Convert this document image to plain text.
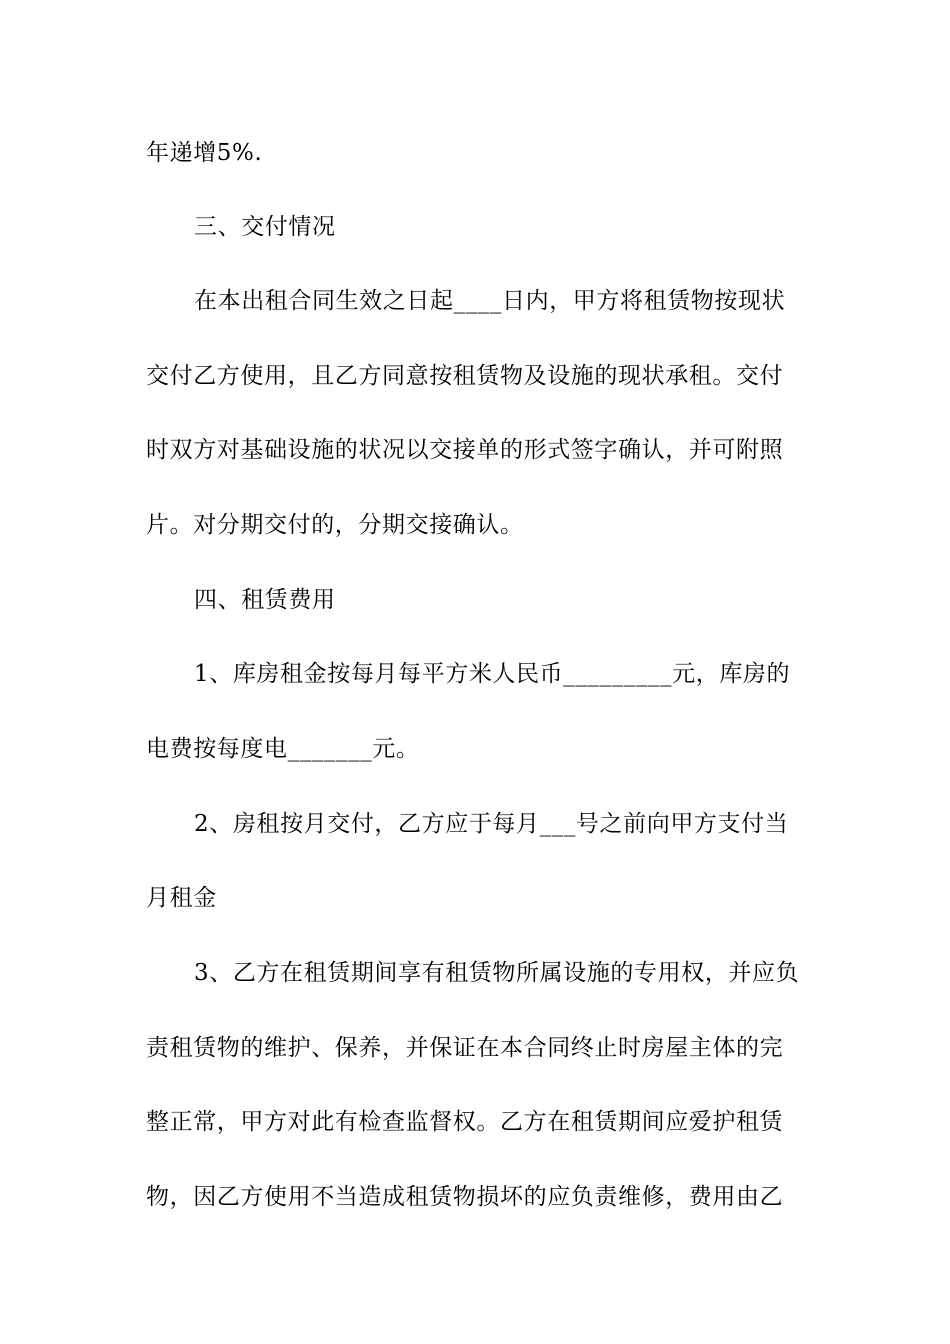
年递增5%.
三、交付情况
在本出租合同生效之日起____日内，甲方将租赁物按现状
交付乙方使用，且乙方同意按租赁物及设施的现状承租。交付
时双方对基础设施的状况以交接单的形式签字确认，并可附照
片。对分期交付的，分期交接确认。
四、租赁费用
1、库房租金按每月每平方米人民币_________元，库房的
电费按每度电_______元。
2、房租按月交付，乙方应于每月___号之前向甲方支付当
月租金
3、乙方在租赁期间享有租赁物所属设施的专用权，并应负
责租赁物的维护、保养，并保证在本合同终止时房屋主体的完
整正常，甲方对此有检查监督权。乙方在租赁期间应爱护租赁
物，因乙方使用不当造成租赁物损坏的应负责维修，费用由乙
